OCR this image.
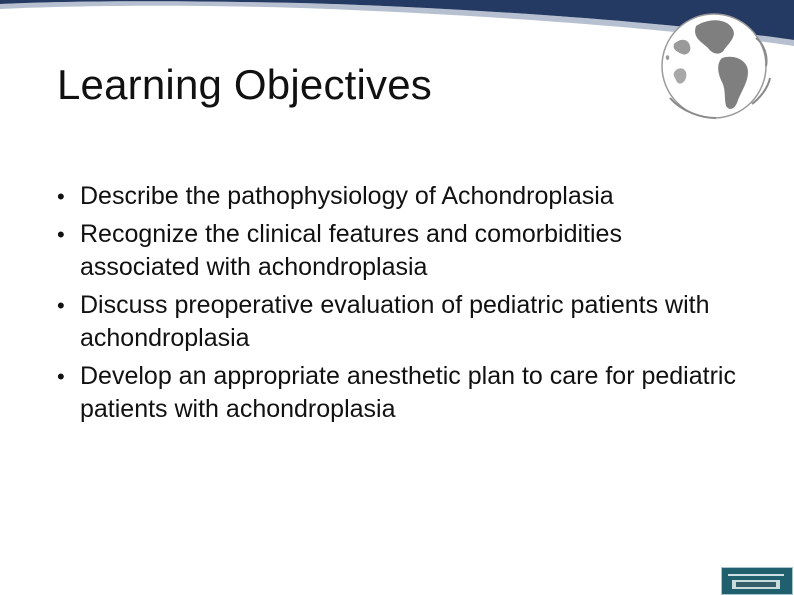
Learning Objectives
• Describe the pathophysiology of Achondroplasia
• Recognize the clinical features and comorbidities associated with achondroplasia
• Discuss preoperative evaluation of pediatric patients with achondroplasia
• Develop an appropriate anesthetic plan to care for pediatric patients with achondroplasia
